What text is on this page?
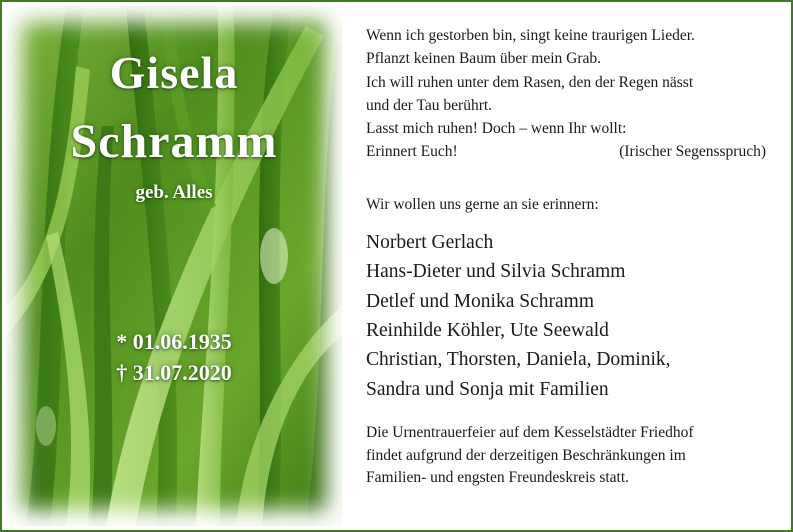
Gisela
Schramm
geb. Alles
* 01.06.1935
† 31.07.2020
Wenn ich gestorben bin, singt keine traurigen Lieder.
Pflanzt keinen Baum über mein Grab.
Ich will ruhen unter dem Rasen, den der Regen nässt
und der Tau berührt.
Lasst mich ruhen! Doch – wenn Ihr wollt:
Erinnert Euch!	(Irischer Segensspruch)
Wir wollen uns gerne an sie erinnern:
Norbert Gerlach
Hans-Dieter und Silvia Schramm
Detlef und Monika Schramm
Reinhilde Köhler, Ute Seewald
Christian, Thorsten, Daniela, Dominik,
Sandra und Sonja mit Familien
Die Urnentrauerfeier auf dem Kesselstädter Friedhof
findet aufgrund der derzeitigen Beschränkungen im
Familien- und engsten Freundeskreis statt.
